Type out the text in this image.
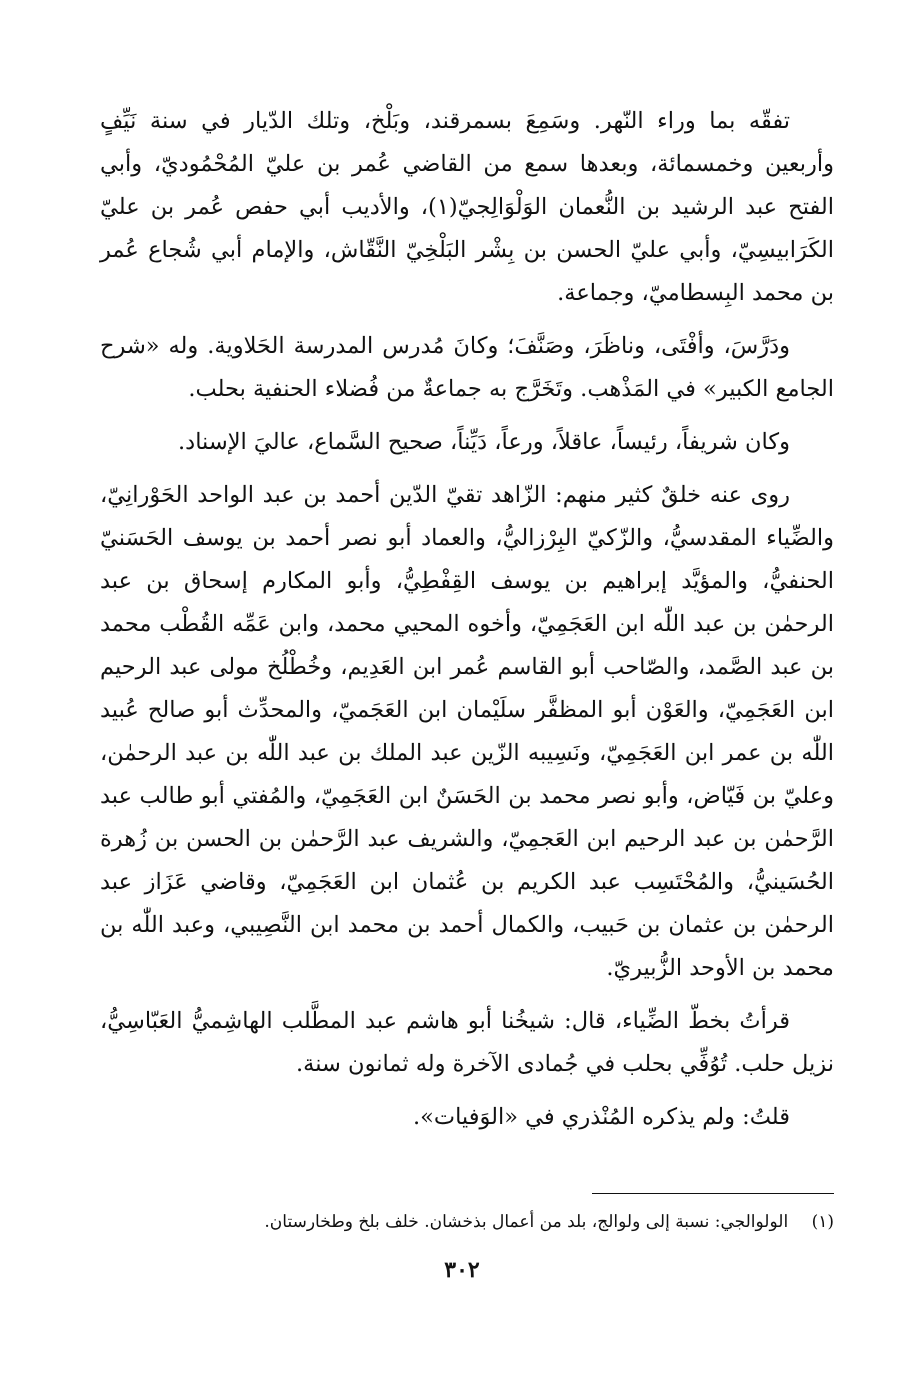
تفقّه بما وراء النّهر. وسَمِعَ بسمرقند، وبَلْخ، وتلك الدّيار في سنة نَيِّفٍ وأربعين وخمسمائة، وبعدها سمع من القاضي عُمر بن عليّ المُحْمُوديّ، وأبي الفتح عبد الرشيد بن النُّعمان الوَلْوَالِجيّ(١)، والأديب أبي حفص عُمر بن عليّ الكَرَابيسِيّ، وأبي عليّ الحسن بن بِشْر البَلْخِيّ النَّقّاش، والإمام أبي شُجاع عُمر بن محمد البِسطاميّ، وجماعة.

ودَرَّسَ، وأفْتَى، وناظَرَ، وصَنَّفَ؛ وكانَ مُدرس المدرسة الحَلاوية. وله «شرح الجامع الكبير» في المَذْهب. وتَخَرَّج به جماعةٌ من فُضلاء الحنفية بحلب.

وكان شريفاً، رئيساً، عاقلاً، ورعاً، دَيِّناً، صحيح السَّماع، عاليَ الإسناد.

روى عنه خلقٌ كثير منهم: الزّاهد تقيّ الدّين أحمد بن عبد الواحد الحَوْرانِيّ، والضِّياء المقدسيُّ، والزّكيّ البِرْزاليُّ، والعماد أبو نصر أحمد بن يوسف الحَسَنيّ الحنفيُّ، والمؤيَّد إبراهيم بن يوسف القِفْطِيُّ، وأبو المكارم إسحاق بن عبد الرحمٰن بن عبد اللّٰه ابن العَجَمِيّ، وأخوه المحيي محمد، وابن عَمِّه القُطْب محمد بن عبد الصَّمد، والصّاحب أبو القاسم عُمر ابن العَدِيم، وخُطْلُخ مولى عبد الرحيم ابن العَجَمِيّ، والعَوْن أبو المظفَّر سلَيْمان ابن العَجَميّ، والمحدِّث أبو صالح عُبيد اللّٰه بن عمر ابن العَجَمِيّ، ونَسِيبه الزّين عبد الملك بن عبد اللّٰه بن عبد الرحمٰن، وعليّ بن فَيّاض، وأبو نصر محمد بن الحَسَنٌ ابن العَجَمِيّ، والمُفتي أبو طالب عبد الرَّحمٰن بن عبد الرحيم ابن العَجمِيّ، والشريف عبد الرَّحمٰن بن الحسن بن زُهرة الحُسَينيُّ، والمُحْتَسِب عبد الكريم بن عُثمان ابن العَجَمِيّ، وقاضي عَزَاز عبد الرحمٰن بن عثمان بن حَبيب، والكمال أحمد بن محمد ابن النَّصِيبي، وعبد اللّٰه بن محمد بن الأوحد الزُّبيريّ.

قرأتُ بخطّ الضِّياء، قال: شيخُنا أبو هاشم عبد المطَّلب الهاشِميُّ العَبّاسِيُّ، نزيل حلب. تُوُفِّي بحلب في جُمادى الآخرة وله ثمانون سنة.

قلتُ: ولم يذكره المُنْذري في «الوَفيات».

(١) الولوالجي: نسبة إلى ولوالج، بلد من أعمال بذخشان. خلف بلخ وطخارستان.
٣٠٢
